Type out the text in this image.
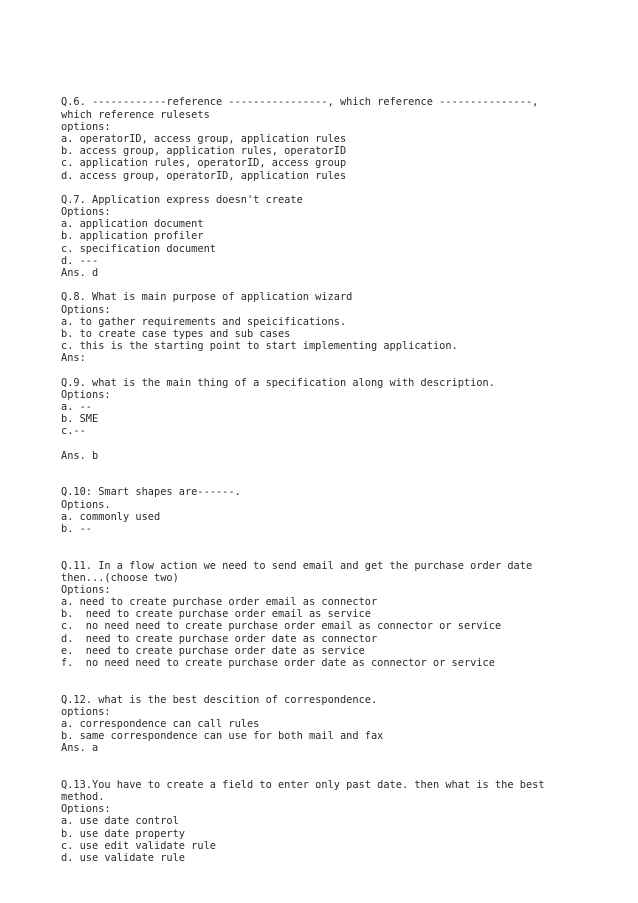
Q.6. ------------reference ----------------, which reference ---------------,
which reference rulesets
options:
a. operatorID, access group, application rules
b. access group, application rules, operatorID
c. application rules, operatorID, access group
d. access group, operatorID, application rules
Q.7. Application express doesn't create
Options:
a. application document
b. application profiler
c. specification document
d. ---
Ans. d
Q.8. What is main purpose of application wizard
Options:
a. to gather requirements and speicifications.
b. to create case types and sub cases
c. this is the starting point to start implementing application.
Ans:
Q.9. what is the main thing of a specification along with description.
Options:
a. --
b. SME
c.--
Ans. b
Q.10: Smart shapes are------.
Options.
a. commonly used
b. --
Q.11. In a flow action we need to send email and get the purchase order date
then...(choose two)
Options:
a. need to create purchase order email as connector
b.  need to create purchase order email as service
c.  no need need to create purchase order email as connector or service
d.  need to create purchase order date as connector
e.  need to create purchase order date as service
f.  no need need to create purchase order date as connector or service
Q.12. what is the best descition of correspondence.
options:
a. correspondence can call rules
b. same correspondence can use for both mail and fax
Ans. a
Q.13.You have to create a field to enter only past date. then what is the best
method.
Options:
a. use date control
b. use date property
c. use edit validate rule
d. use validate rule
